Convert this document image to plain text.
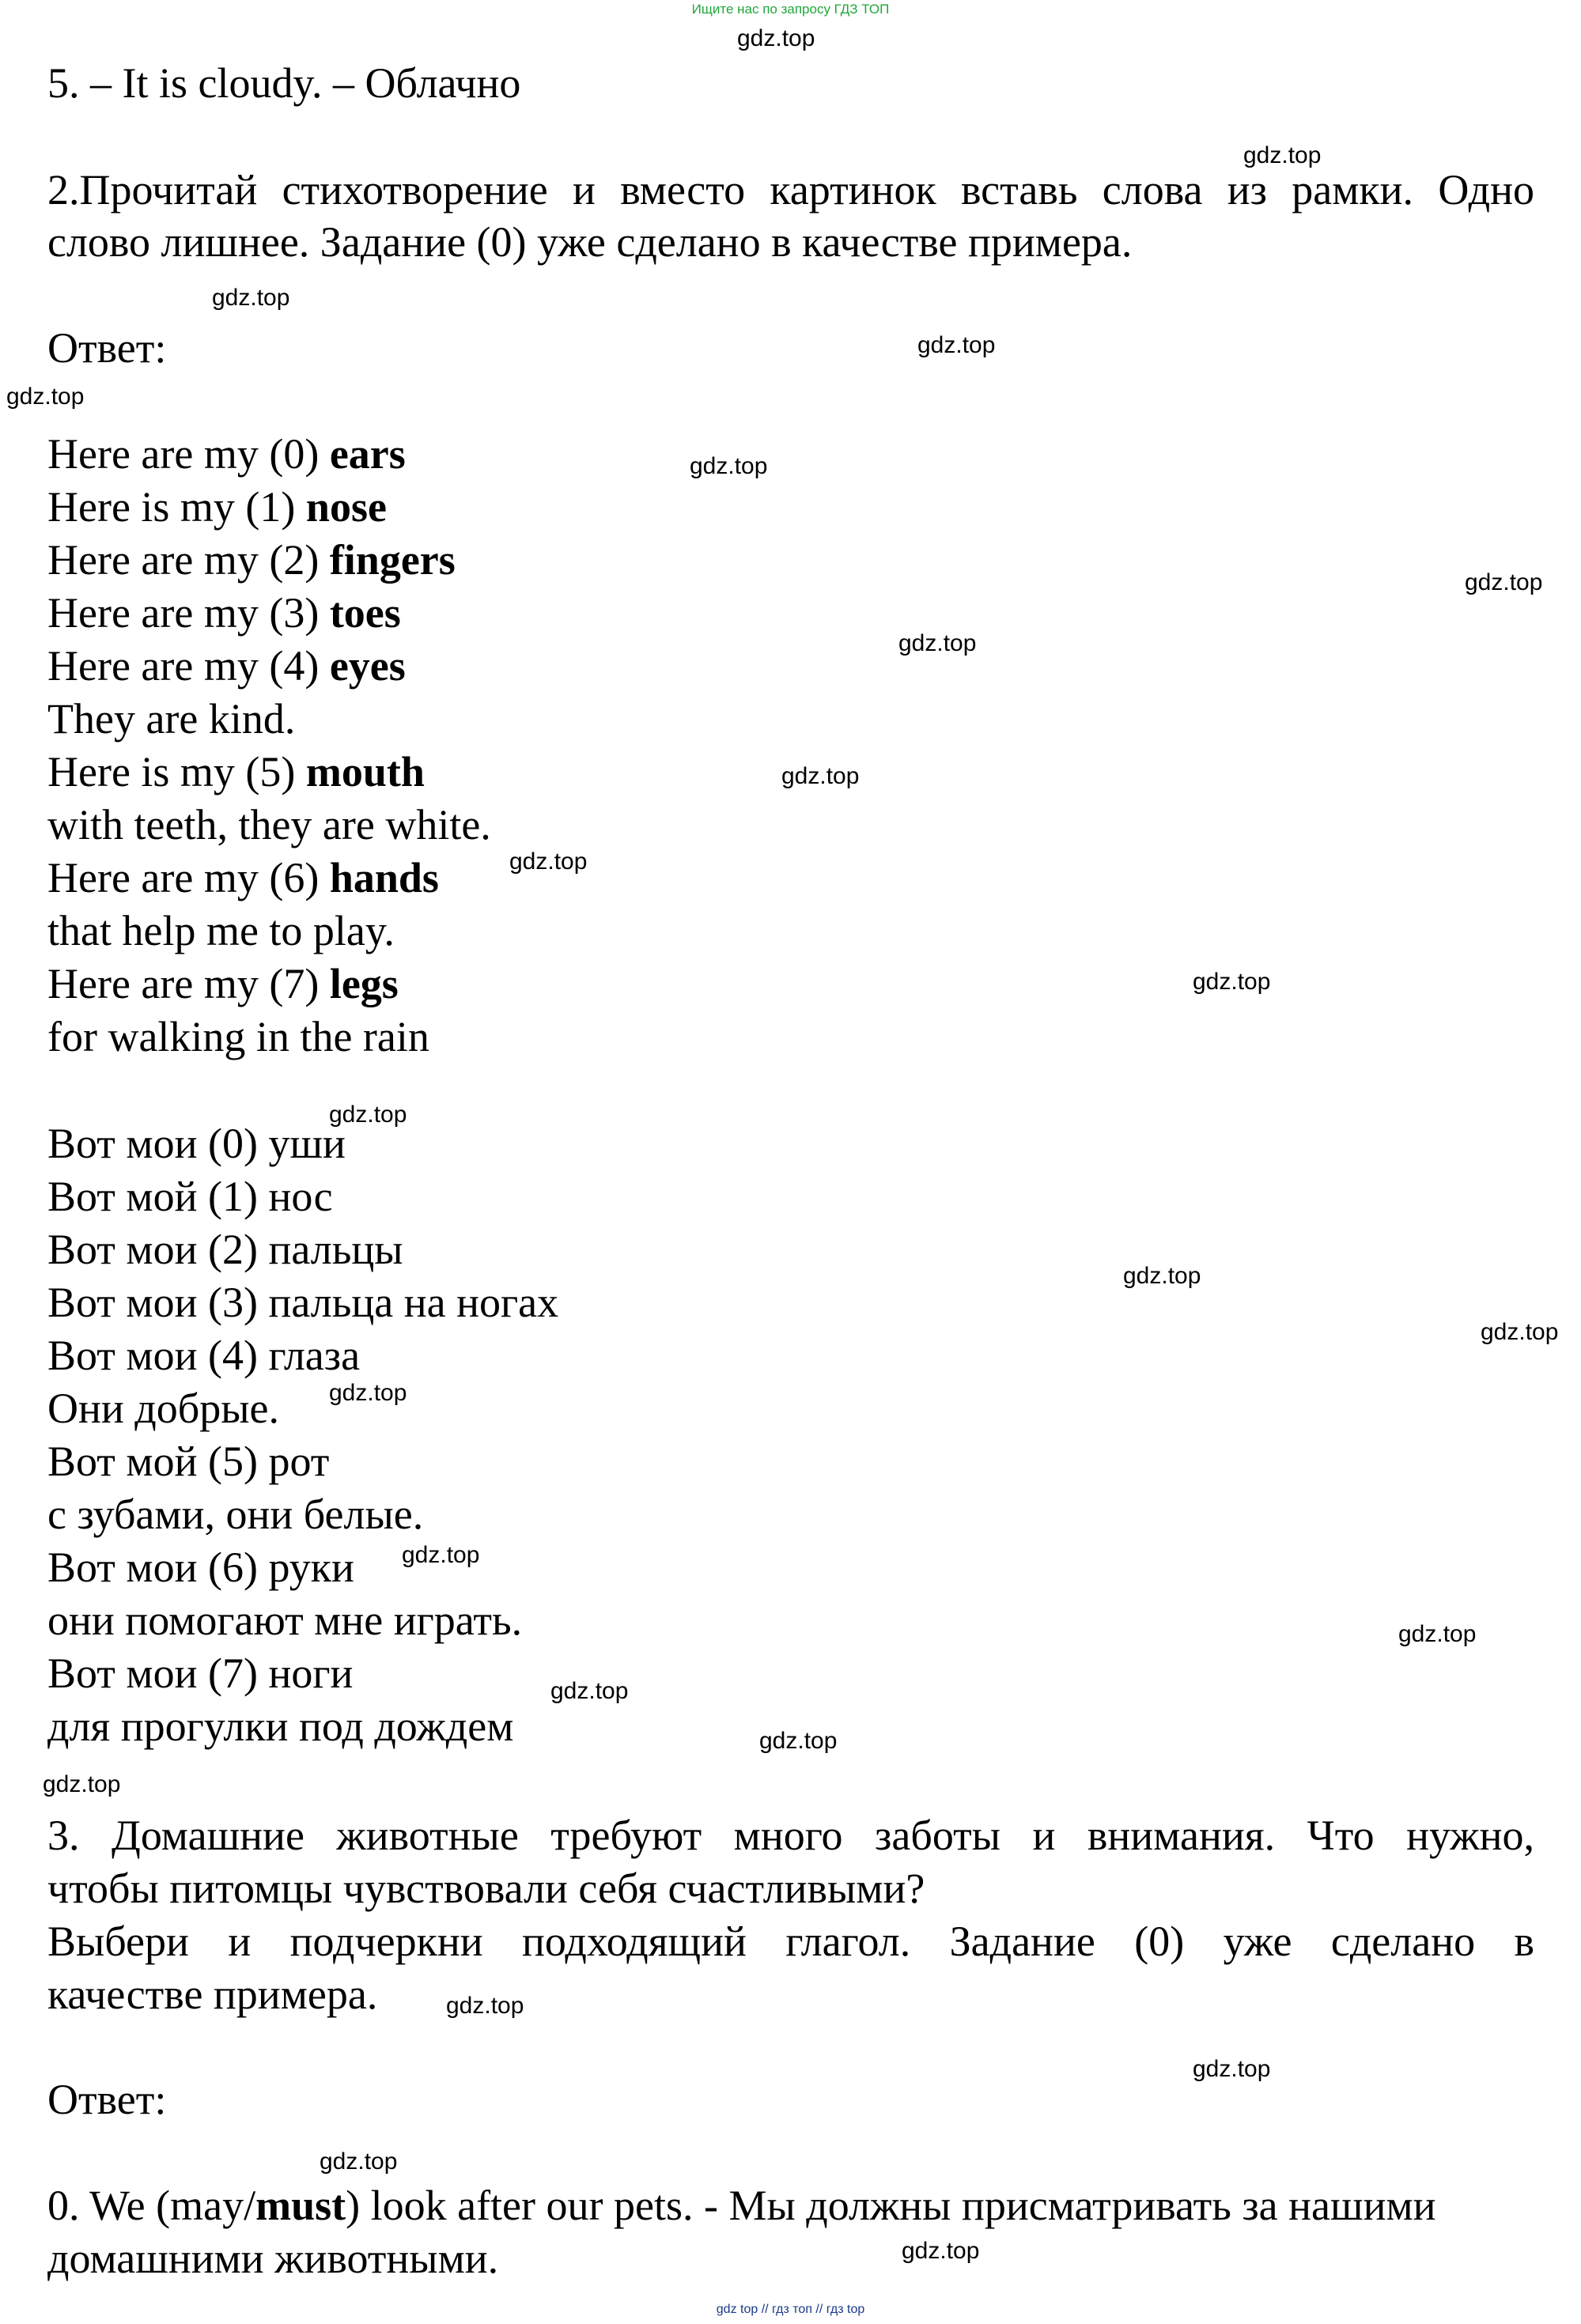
Ищите нас по запросу ГДЗ ТОП
5. – It is cloudy. – Облачно
2.Прочитай стихотворение и вместо картинок вставь слова из рамки. Одно
слово лишнее. Задание (0) уже сделано в качестве примера.
Ответ:
Here are my (0) ears
Here is my (1) nose
Here are my (2) fingers
Here are my (3) toes
Here are my (4) eyes
They are kind.
Here is my (5) mouth
with teeth, they are white.
Here are my (6) hands
that help me to play.
Here are my (7) legs
for walking in the rain
Вот мои (0) уши
Вот мой (1) нос
Вот мои (2) пальцы
Вот мои (3) пальца на ногах
Вот мои (4) глаза
Они добрые.
Вот мой (5) рот
с зубами, они белые.
Вот мои (6) руки
они помогают мне играть.
Вот мои (7) ноги
для прогулки под дождем
3. Домашние животные требуют много заботы и внимания. Что нужно,
чтобы питомцы чувствовали себя счастливыми?
Выбери и подчеркни подходящий глагол. Задание (0) уже сделано в
качестве примера.
Ответ:
0. We (may/must) look after our pets. - Мы должны присматривать за нашими
домашними животными.
gdz.top
gdz.top
gdz.top
gdz.top
gdz.top
gdz.top
gdz.top
gdz.top
gdz.top
gdz.top
gdz.top
gdz.top
gdz.top
gdz.top
gdz.top
gdz.top
gdz.top
gdz.top
gdz.top
gdz.top
gdz.top
gdz.top
gdz.top
gdz.top
gdz top // гдз топ // гдз top
